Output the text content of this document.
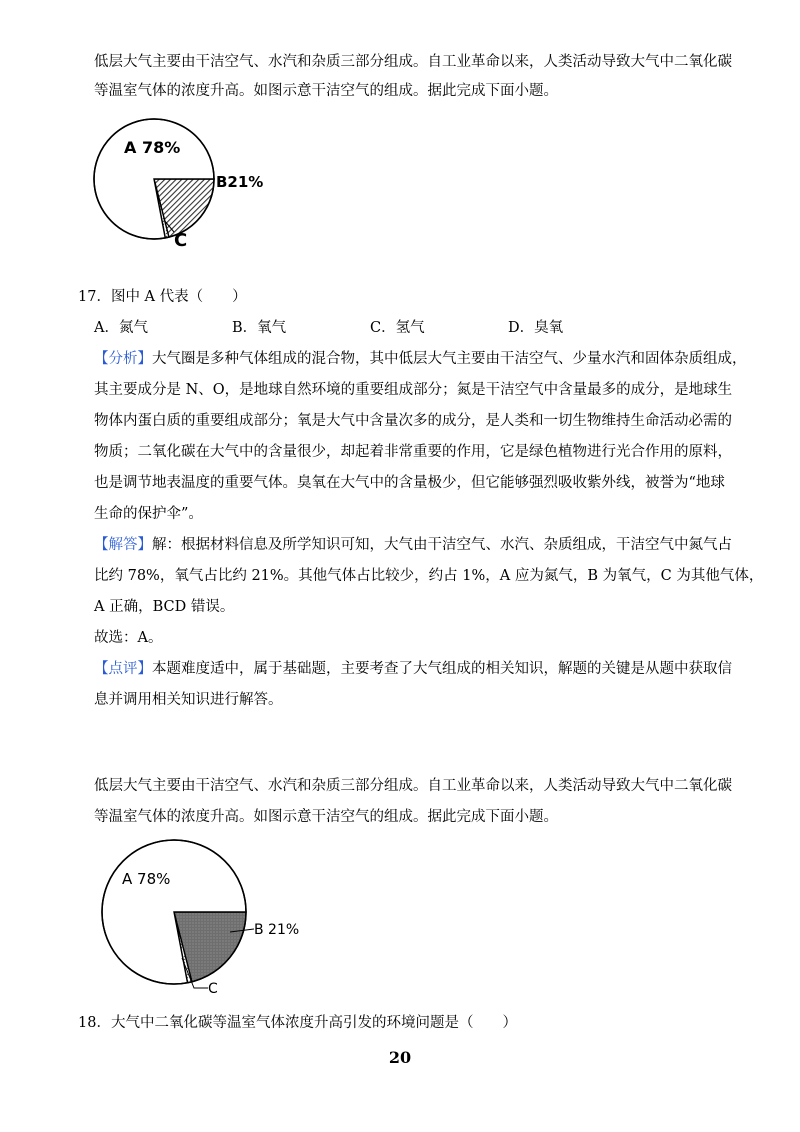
低层大气主要由干洁空气、水汽和杂质三部分组成。自工业革命以来，人类活动导致大气中二氧化碳
等温室气体的浓度升高。如图示意干洁空气的组成。据此完成下面小题。
A 78%
B21%
C
17．图中 A 代表（　　）
A．氮气	B．氧气	C．氢气	D．臭氧
【分析】大气圈是多种气体组成的混合物，其中低层大气主要由干洁空气、少量水汽和固体杂质组成，
其主要成分是 N、O，是地球自然环境的重要组成部分；氮是干洁空气中含量最多的成分，是地球生
物体内蛋白质的重要组成部分；氧是大气中含量次多的成分，是人类和一切生物维持生命活动必需的
物质；二氧化碳在大气中的含量很少，却起着非常重要的作用，它是绿色植物进行光合作用的原料，
也是调节地表温度的重要气体。臭氧在大气中的含量极少，但它能够强烈吸收紫外线，被誉为“地球
生命的保护伞”。
【解答】解：根据材料信息及所学知识可知，大气由干洁空气、水汽、杂质组成，干洁空气中氮气占
比约 78%，氧气占比约 21%。其他气体占比较少，约占 1%，A 应为氮气，B 为氧气，C 为其他气体，
A 正确，BCD 错误。
故选：A。
【点评】本题难度适中，属于基础题，主要考查了大气组成的相关知识，解题的关键是从题中获取信
息并调用相关知识进行解答。
低层大气主要由干洁空气、水汽和杂质三部分组成。自工业革命以来，人类活动导致大气中二氧化碳
等温室气体的浓度升高。如图示意干洁空气的组成。据此完成下面小题。
A 78%
B 21%
C
18．大气中二氧化碳等温室气体浓度升高引发的环境问题是（　　）
20
